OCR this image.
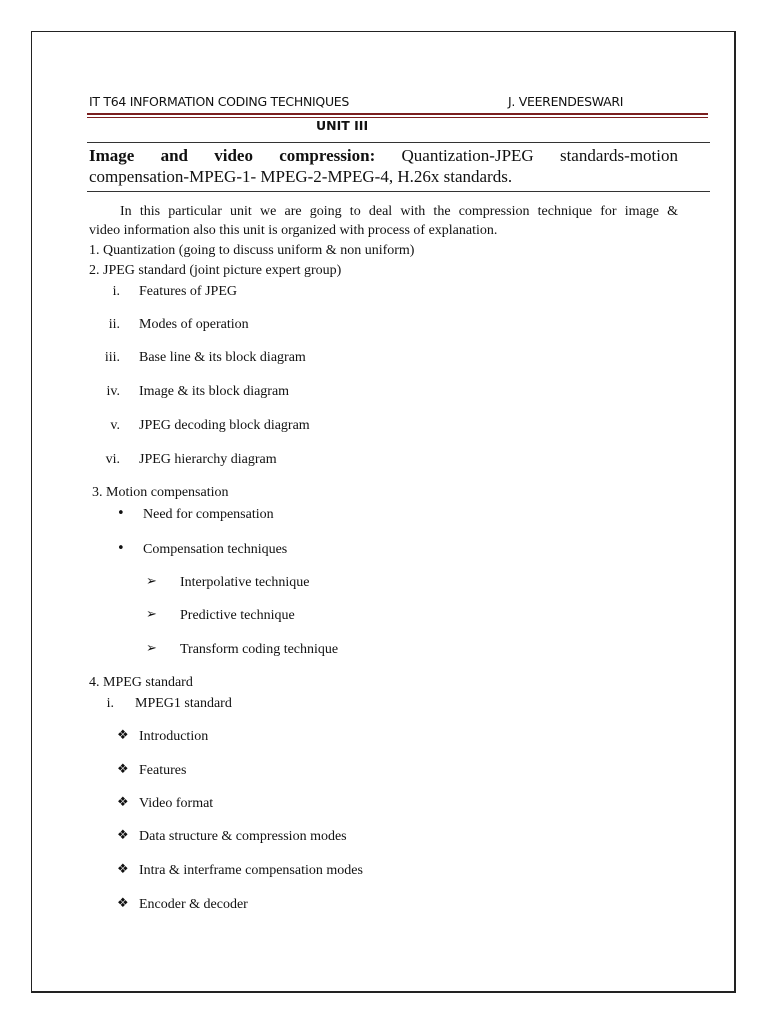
IT T64 INFORMATION CODING TECHNIQUES	J. VEERENDESWARI
UNIT III
Image and video compression: Quantization-JPEG standards-motion
compensation-MPEG-1- MPEG-2-MPEG-4, H.26x standards.
In this particular unit we are going to deal with the compression technique for image &
video information also this unit is organized with process of explanation.
1. Quantization (going to discuss uniform & non uniform)
2. JPEG standard (joint picture expert group)
i. Features of JPEG
ii. Modes of operation
iii. Base line & its block diagram
iv. Image & its block diagram
v. JPEG decoding block diagram
vi. JPEG hierarchy diagram
3. Motion compensation
• Need for compensation
• Compensation techniques
➢ Interpolative technique
➢ Predictive technique
➢ Transform coding technique
4. MPEG standard
i. MPEG1 standard
❖ Introduction
❖ Features
❖ Video format
❖ Data structure & compression modes
❖ Intra & interframe compensation modes
❖ Encoder & decoder
